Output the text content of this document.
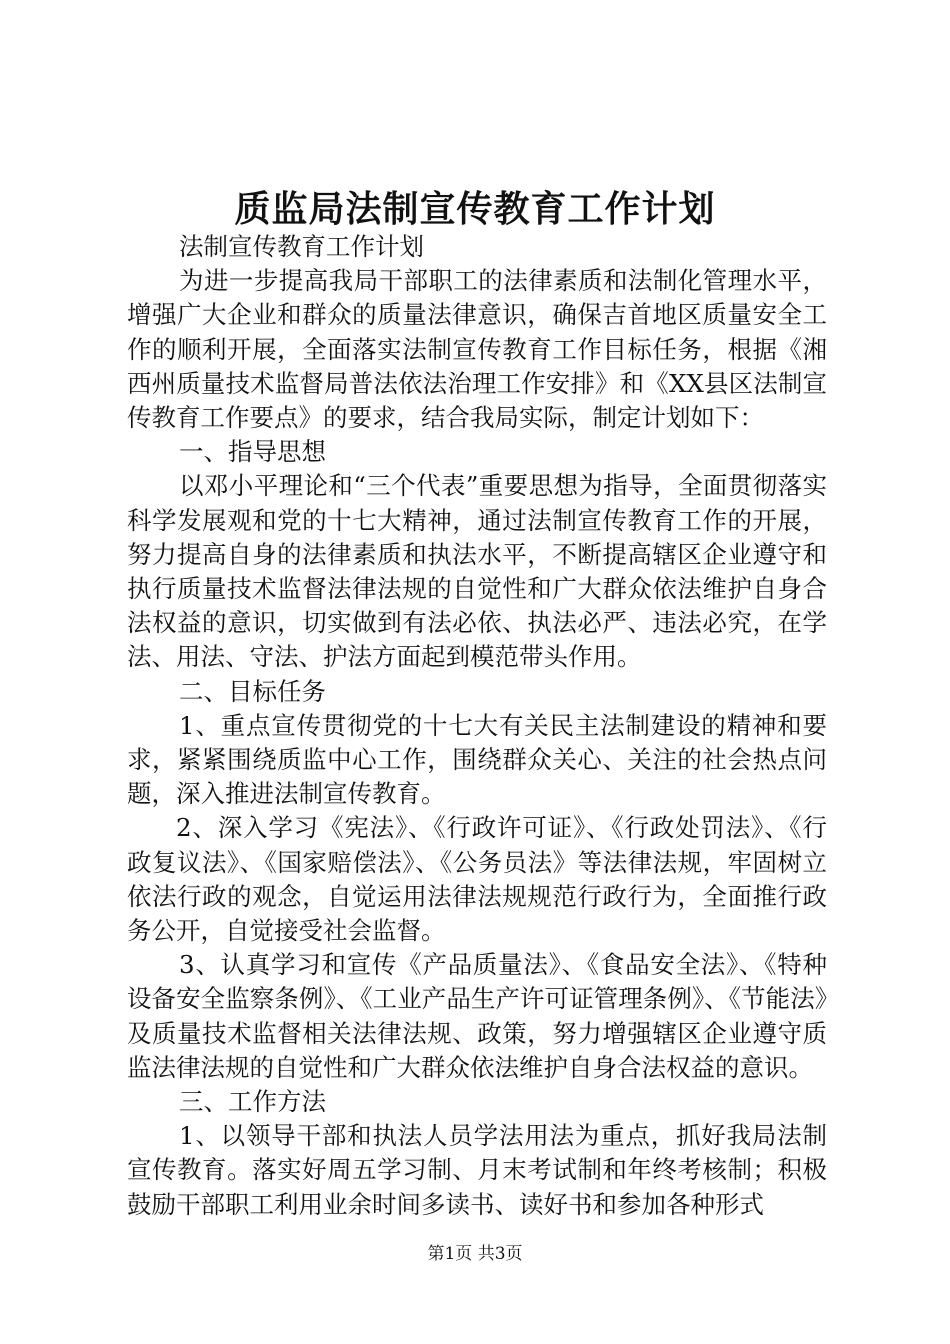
质监局法制宣传教育工作计划

法制宣传教育工作计划

为进一步提高我局干部职工的法律素质和法制化管理水平，增强广大企业和群众的质量法律意识，确保吉首地区质量安全工作的顺利开展，全面落实法制宣传教育工作目标任务，根据《湘西州质量技术监督局普法依法治理工作安排》和《XX县区法制宣传教育工作要点》的要求，结合我局实际，制定计划如下：

一、指导思想

以邓小平理论和“三个代表”重要思想为指导，全面贯彻落实科学发展观和党的十七大精神，通过法制宣传教育工作的开展，努力提高自身的法律素质和执法水平，不断提高辖区企业遵守和执行质量技术监督法律法规的自觉性和广大群众依法维护自身合法权益的意识，切实做到有法必依、执法必严、违法必究，在学法、用法、守法、护法方面起到模范带头作用。

二、目标任务

1、重点宣传贯彻党的十七大有关民主法制建设的精神和要求，紧紧围绕质监中心工作，围绕群众关心、关注的社会热点问题，深入推进法制宣传教育。

2、深入学习《宪法》、《行政许可证》、《行政处罚法》、《行政复议法》、《国家赔偿法》、《公务员法》等法律法规，牢固树立依法行政的观念，自觉运用法律法规规范行政行为，全面推行政务公开，自觉接受社会监督。

3、认真学习和宣传《产品质量法》、《食品安全法》、《特种设备安全监察条例》、《工业产品生产许可证管理条例》、《节能法》及质量技术监督相关法律法规、政策，努力增强辖区企业遵守质监法律法规的自觉性和广大群众依法维护自身合法权益的意识。

三、工作方法

1、以领导干部和执法人员学法用法为重点，抓好我局法制宣传教育。落实好周五学习制、月末考试制和年终考核制；积极鼓励干部职工利用业余时间多读书、读好书和参加各种形式

第1页 共3页
